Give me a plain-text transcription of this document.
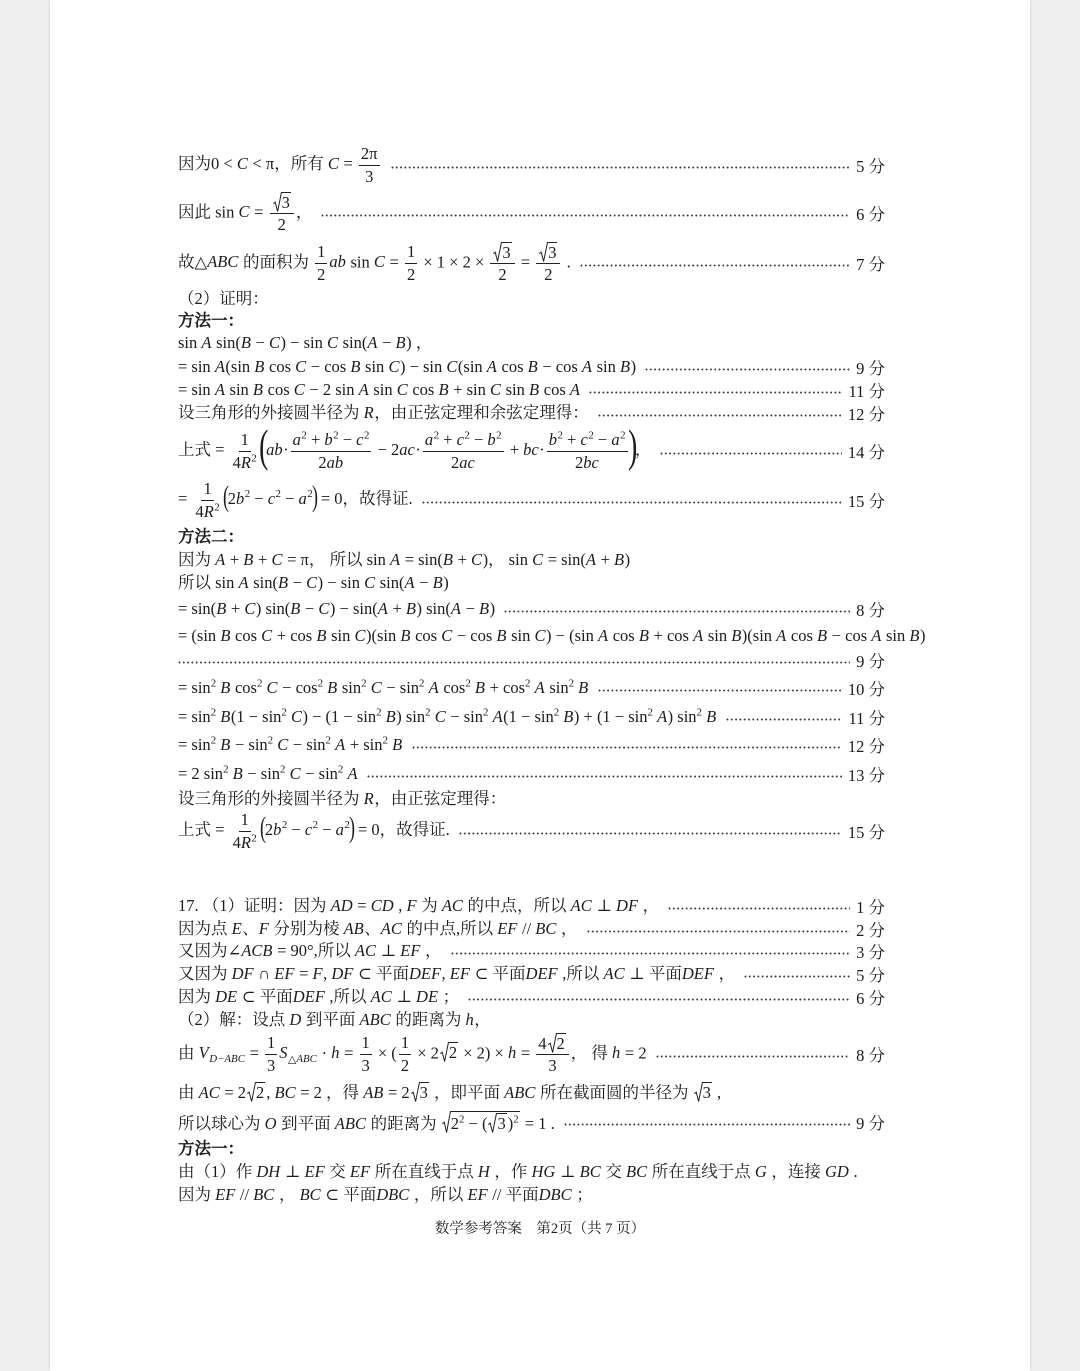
因为0 < C < π，所有 $C = \frac{2\pi}{3}$	5 分
因此 $\sin C = \frac{3}{2}$ ，	6 分
故△ABC 的面积为 $\frac{1}{2}$ ab $\sin C = \frac{1}{2} \times 1 \times 2 \times \frac{3}{2} = \frac{3}{2}$ .	7 分
（2）证明：
方法一：
sin A sin(B − C) − sin C sin(A − B) ，
= sin A(sin B cos C − cos B sin C) − sin C(sin A cos B − cos A sin B)	9 分
= sin A sin B cos C − 2 sin A sin C cos B + sin C sin B cos A	11 分
设三角形的外接圆半径为 R，由正弦定理和余弦定理得：	12 分
上式 = $\frac{1}{4R^2} (ab\cdot \frac{a^2 + b^2 - c^2}{2ab} - 2ac\cdot \frac{a^2 + c^2 - b^2}{2ac} + bc\cdot \frac{b^2 + c^2 - a^2}{2bc}$ )，	14 分
= $\frac{1}{4R^2} (2b^2 - c^2 - a^2) = 0$，故得证.	15 分
方法二：
因为 A + B + C = π， 所以 sin A = sin(B + C)， sin C = sin(A + B)
所以 sin A sin(B − C) − sin C sin(A − B)
= sin(B + C) sin(B − C) − sin(A + B) sin(A − B)	8 分
= (sin B cos C + cos B sin C)(sin B cos C − cos B sin C) − (sin A cos B + cos A sin B)(sin A cos B − cos A sin B)
9 分
= $\sin^2 B$ $\cos^2 C - \cos^2 B$ $\sin^2 C - \sin^2 A$ $\cos^2 B + \cos^2 A$ $\sin^2 B$	10 分
= $\sin^2 B(1 - \sin^2 C) - (1 - \sin^2 B)$ $\sin^2 C - \sin^2 A(1 - \sin^2 B) + (1 - \sin^2 A)$ $\sin^2 B$	11 分
= $\sin^2 B - \sin^2 C - \sin^2 A + \sin^2 B$	12 分
= 2 $\sin^2 B - \sin^2 C - \sin^2 A$	13 分
设三角形的外接圆半径为 R，由正弦定理得：
上式 = $\frac{1}{4R^2} (2b^2 - c^2 - a^2) = 0$，故得证.	15 分
17. （1）证明：因为 AD = CD , F 为 AC 的中点，所以 AC ⊥ DF ，	1 分
因为点 E、F 分别为棱 AB、AC 的中点,所以 EF // BC ，	2 分
又因为∠ACB = 90°,所以 AC ⊥ EF ，	3 分
又因为 DF ∩ EF = F, DF ⊂ 平面DEF, EF ⊂ 平面DEF ,所以 AC ⊥ 平面DEF ，	5 分
因为 DE ⊂ 平面DEF ,所以 AC ⊥ DE ；	6 分
（2）解：设点 D 到平面 ABC 的距离为 h，
由 $V_{D-ABC} = \frac{1}{3} S_{\triangle ABC} \cdot h = \frac{1}{3}$ × ( $\frac{1}{2} \times 2$ $2 \times 2) \times h = \frac{4 2}{3}$ ， 得 h = 2	8 分
由 AC = 2 2 , BC = 2 ，得 AB = 2 3 ，即平面 ABC 所在截面圆的半径为
3 ,
所以球心为 O 到平面 ABC 的距离为
$2^2$ − ( 3 )$^2$ = 1 .	9 分
方法一：
由（1）作 DH ⊥ EF 交 EF 所在直线于点 H ，作 HG ⊥ BC 交 BC 所在直线于点 G ，连接 GD .
因为 EF // BC ， BC ⊂ 平面DBC ，所以 EF // 平面DBC ；
数学参考答案　第2页（共 7 页）
